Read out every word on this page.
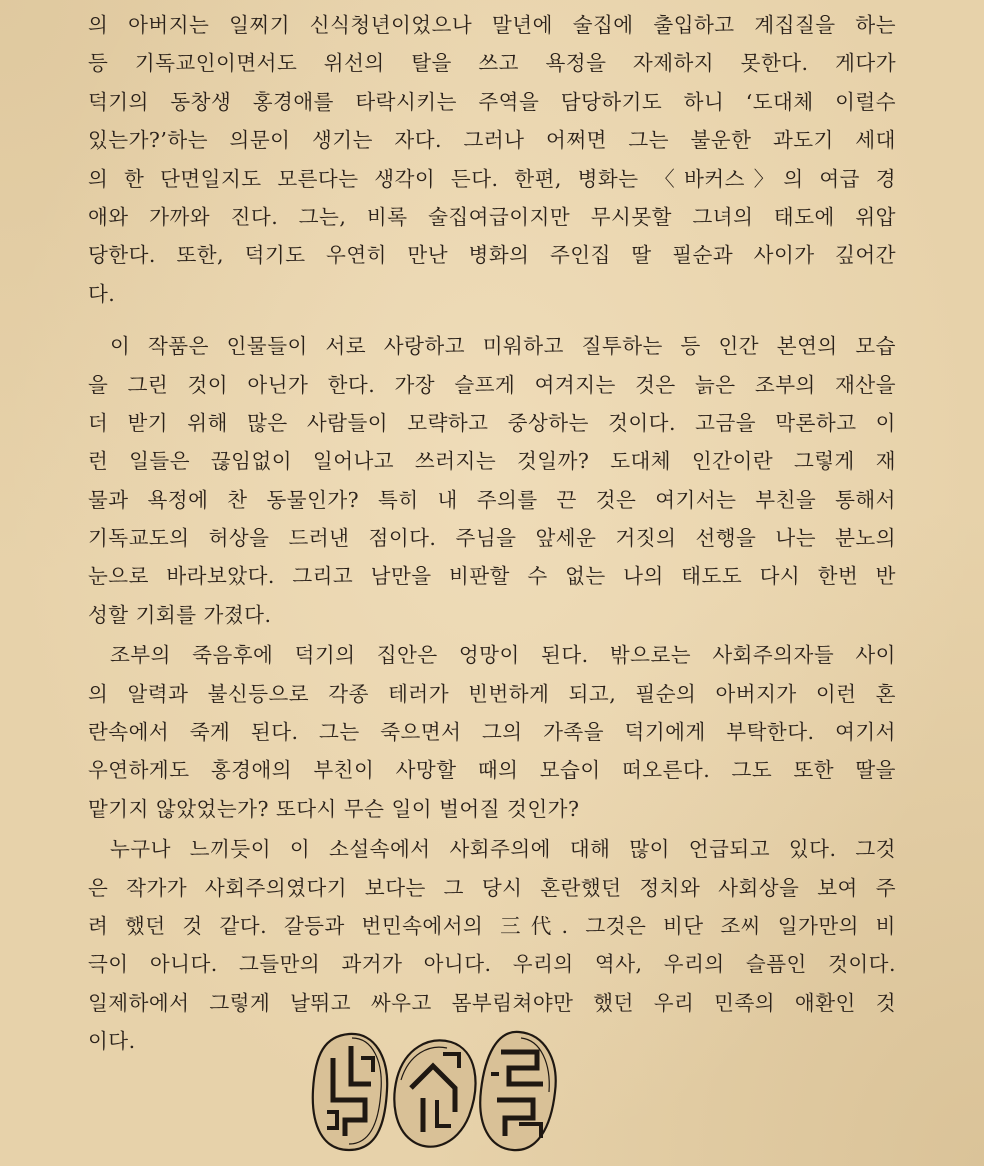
의 아버지는 일찌기 신식청년이었으나 말년에 술집에 출입하고 계집질을 하는
등 기독교인이면서도 위선의 탈을 쓰고 욕정을 자제하지 못한다. 게다가
덕기의 동창생 홍경애를 타락시키는 주역을 담당하기도 하니 ‘도대체 이럴수
있는가?’하는 의문이 생기는 자다. 그러나 어쩌면 그는 불운한 과도기 세대
의 한 단면일지도 모른다는 생각이 든다. 한편, 병화는 〈바커스〉의 여급 경
애와 가까와 진다. 그는, 비록 술집여급이지만 무시못할 그녀의 태도에 위압
당한다. 또한, 덕기도 우연히 만난 병화의 주인집 딸 필순과 사이가 깊어간
다.
이 작품은 인물들이 서로 사랑하고 미워하고 질투하는 등 인간 본연의 모습
을 그린 것이 아닌가 한다. 가장 슬프게 여겨지는 것은 늙은 조부의 재산을
더 받기 위해 많은 사람들이 모략하고 중상하는 것이다. 고금을 막론하고 이
런 일들은 끊임없이 일어나고 쓰러지는 것일까? 도대체 인간이란 그렇게 재
물과 욕정에 찬 동물인가? 특히 내 주의를 끈 것은 여기서는 부친을 통해서
기독교도의 허상을 드러낸 점이다. 주님을 앞세운 거짓의 선행을 나는 분노의
눈으로 바라보았다. 그리고 남만을 비판할 수 없는 나의 태도도 다시 한번 반
성할 기회를 가졌다.
조부의 죽음후에 덕기의 집안은 엉망이 된다. 밖으로는 사회주의자들 사이
의 알력과 불신등으로 각종 테러가 빈번하게 되고, 필순의 아버지가 이런 혼
란속에서 죽게 된다. 그는 죽으면서 그의 가족을 덕기에게 부탁한다. 여기서
우연하게도 홍경애의 부친이 사망할 때의 모습이 떠오른다. 그도 또한 딸을
맡기지 않았었는가? 또다시 무슨 일이 벌어질 것인가?
누구나 느끼듯이 이 소설속에서 사회주의에 대해 많이 언급되고 있다. 그것
은 작가가 사회주의였다기 보다는 그 당시 혼란했던 정치와 사회상을 보여 주
려 했던 것 같다. 갈등과 번민속에서의 三代. 그것은 비단 조씨 일가만의 비
극이 아니다. 그들만의 과거가 아니다. 우리의 역사, 우리의 슬픔인 것이다.
일제하에서 그렇게 날뛰고 싸우고 몸부림쳐야만 했던 우리 민족의 애환인 것
이다.
